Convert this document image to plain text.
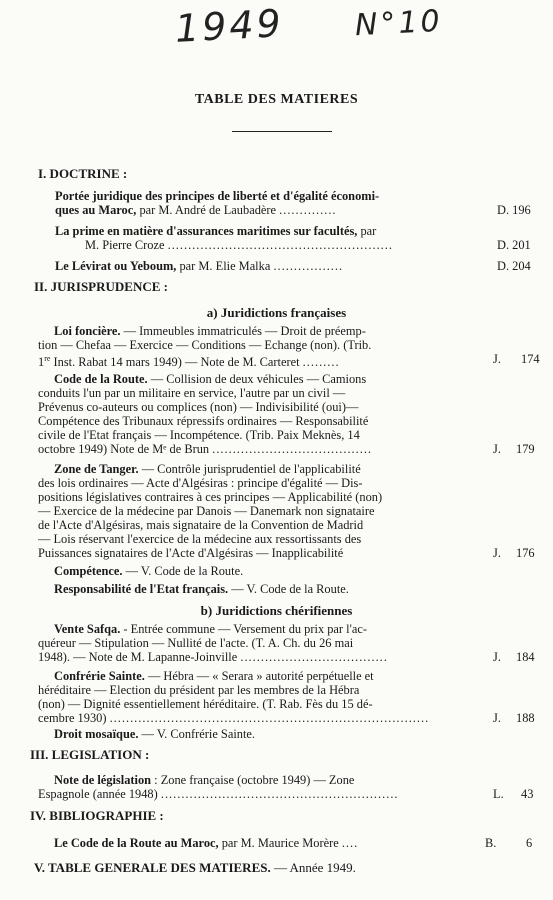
1949 N°10
TABLE DES MATIERES
I. DOCTRINE :
Portée juridique des principes de liberté et d'égalité économi-
ques au Maroc, par M. André de Laubadère ..............	D. 196
La prime en matière d'assurances maritimes sur facultés, par
M. Pierre Croze .......................................................	D. 201
Le Lévirat ou Yeboum, par M. Elie Malka .................	D. 204
II. JURISPRUDENCE :
a) Juridictions françaises
Loi foncière. — Immeubles immatriculés — Droit de préemp-
tion — Chefaa — Exercice — Conditions — Echange (non). (Trib.
1re Inst. Rabat 14 mars 1949) — Note de M. Carteret .........	J. 174
Code de la Route. — Collision de deux véhicules — Camions
conduits l'un par un militaire en service, l'autre par un civil —
Prévenus co-auteurs ou complices (non) — Indivisibilité (oui)—
Compétence des Tribunaux répressifs ordinaires — Responsabilité
civile de l'Etat français — Incompétence. (Trib. Paix Meknès, 14
octobre 1949) Note de Mᵉ de Brun .......................................	J. 179
Zone de Tanger. — Contrôle jurisprudentiel de l'applicabilité
des lois ordinaires — Acte d'Algésiras : principe d'égalité — Dis-
positions législatives contraires à ces principes — Applicabilité (non)
— Exercice de la médecine par Danois — Danemark non signataire
de l'Acte d'Algésiras, mais signataire de la Convention de Madrid
— Lois réservant l'exercice de la médecine aux ressortissants des
Puissances signataires de l'Acte d'Algésiras — Inapplicabilité	J. 176
Compétence. — V. Code de la Route.
Responsabilité de l'Etat français. — V. Code de la Route.
b) Juridictions chérifiennes
Vente Safqa. - Entrée commune — Versement du prix par l'ac-
quéreur — Stipulation — Nullité de l'acte. (T. A. Ch. du 26 mai
1948). — Note de M. Lapanne-Joinville ....................................	J. 184
Confrérie Sainte. — Hébra — « Serara » autorité perpétuelle et
héréditaire — Election du président par les membres de la Hébra
(non) — Dignité essentiellement héréditaire. (T. Rab. Fès du 15 dé-
cembre 1930) ..............................................................................	J. 188
Droit mosaïque. — V. Confrérie Sainte.
III. LEGISLATION :
Note de législation : Zone française (octobre 1949) — Zone
Espagnole (année 1948) ..........................................................	L. 43
IV. BIBLIOGRAPHIE :
Le Code de la Route au Maroc, par M. Maurice Morère ....	B. 6
V. TABLE GENERALE DES MATIERES. — Année 1949.
